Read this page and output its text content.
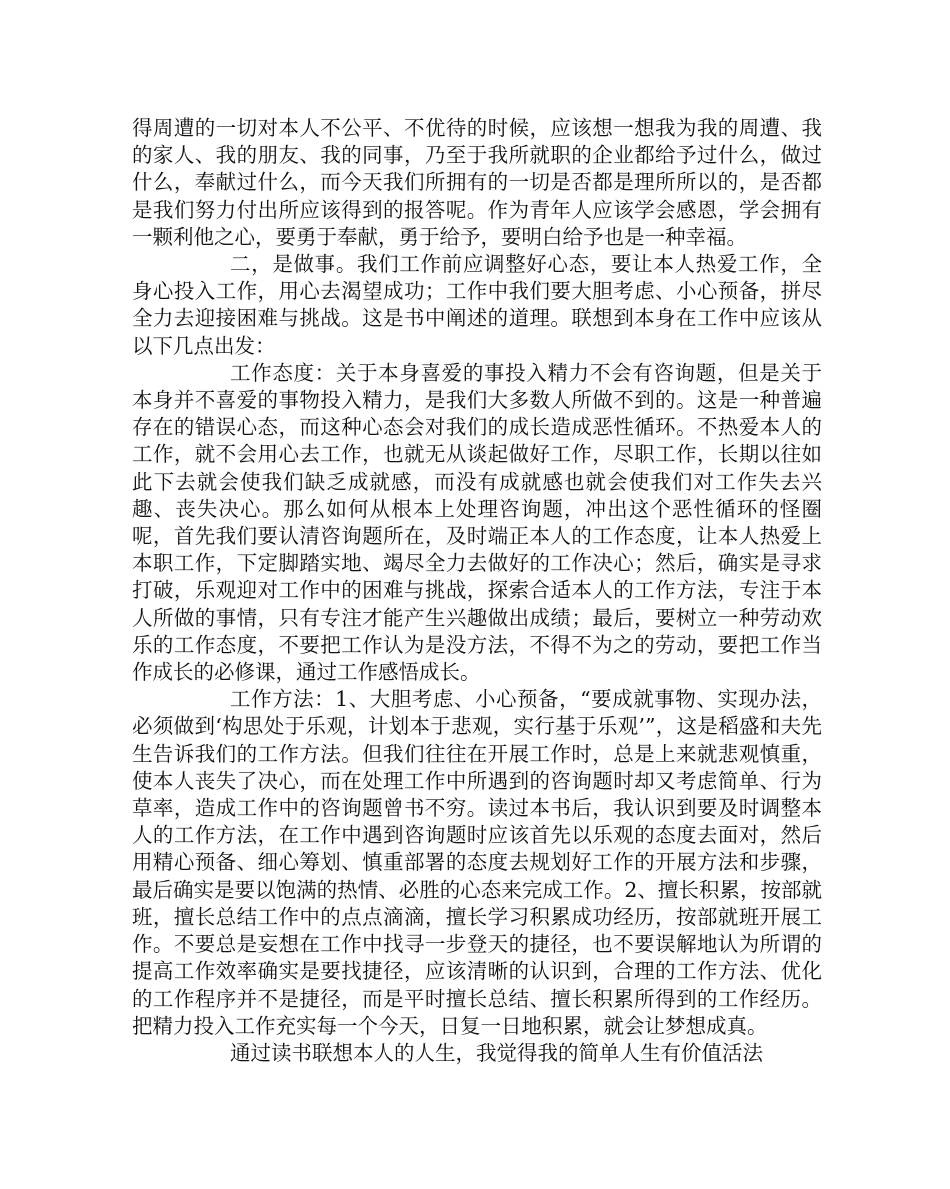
得周遭的一切对本人不公平、不优待的时候，应该想一想我为我的周遭、我的家人、我的朋友、我的同事，乃至于我所就职的企业都给予过什么，做过什么，奉献过什么，而今天我们所拥有的一切是否都是理所所以的，是否都是我们努力付出所应该得到的报答呢。作为青年人应该学会感恩，学会拥有一颗利他之心，要勇于奉献，勇于给予，要明白给予也是一种幸福。

二，是做事。我们工作前应调整好心态，要让本人热爱工作，全身心投入工作，用心去渴望成功；工作中我们要大胆考虑、小心预备，拼尽全力去迎接困难与挑战。这是书中阐述的道理。联想到本身在工作中应该从以下几点出发：

工作态度：关于本身喜爱的事投入精力不会有咨询题，但是关于本身并不喜爱的事物投入精力，是我们大多数人所做不到的。这是一种普遍存在的错误心态，而这种心态会对我们的成长造成恶性循环。不热爱本人的工作，就不会用心去工作，也就无从谈起做好工作，尽职工作，长期以往如此下去就会使我们缺乏成就感，而没有成就感也就会使我们对工作失去兴趣、丧失决心。那么如何从根本上处理咨询题，冲出这个恶性循环的怪圈呢，首先我们要认清咨询题所在，及时端正本人的工作态度，让本人热爱上本职工作，下定脚踏实地、竭尽全力去做好的工作决心；然后，确实是寻求打破，乐观迎对工作中的困难与挑战，探索合适本人的工作方法，专注于本人所做的事情，只有专注才能产生兴趣做出成绩；最后，要树立一种劳动欢乐的工作态度，不要把工作认为是没方法，不得不为之的劳动，要把工作当作成长的必修课，通过工作感悟成长。

工作方法：1、大胆考虑、小心预备，“要成就事物、实现办法，必须做到‘构思处于乐观，计划本于悲观，实行基于乐观’”，这是稻盛和夫先生告诉我们的工作方法。但我们往往在开展工作时，总是上来就悲观慎重，使本人丧失了决心，而在处理工作中所遇到的咨询题时却又考虑简单、行为草率，造成工作中的咨询题曾书不穷。读过本书后，我认识到要及时调整本人的工作方法，在工作中遇到咨询题时应该首先以乐观的态度去面对，然后用精心预备、细心筹划、慎重部署的态度去规划好工作的开展方法和步骤，最后确实是要以饱满的热情、必胜的心态来完成工作。2、擅长积累，按部就班，擅长总结工作中的点点滴滴，擅长学习积累成功经历，按部就班开展工作。不要总是妄想在工作中找寻一步登天的捷径，也不要误解地认为所谓的提高工作效率确实是要找捷径，应该清晰的认识到，合理的工作方法、优化的工作程序并不是捷径，而是平时擅长总结、擅长积累所得到的工作经历。把精力投入工作充实每一个今天，日复一日地积累，就会让梦想成真。

通过读书联想本人的人生，我觉得我的简单人生有价值活法
